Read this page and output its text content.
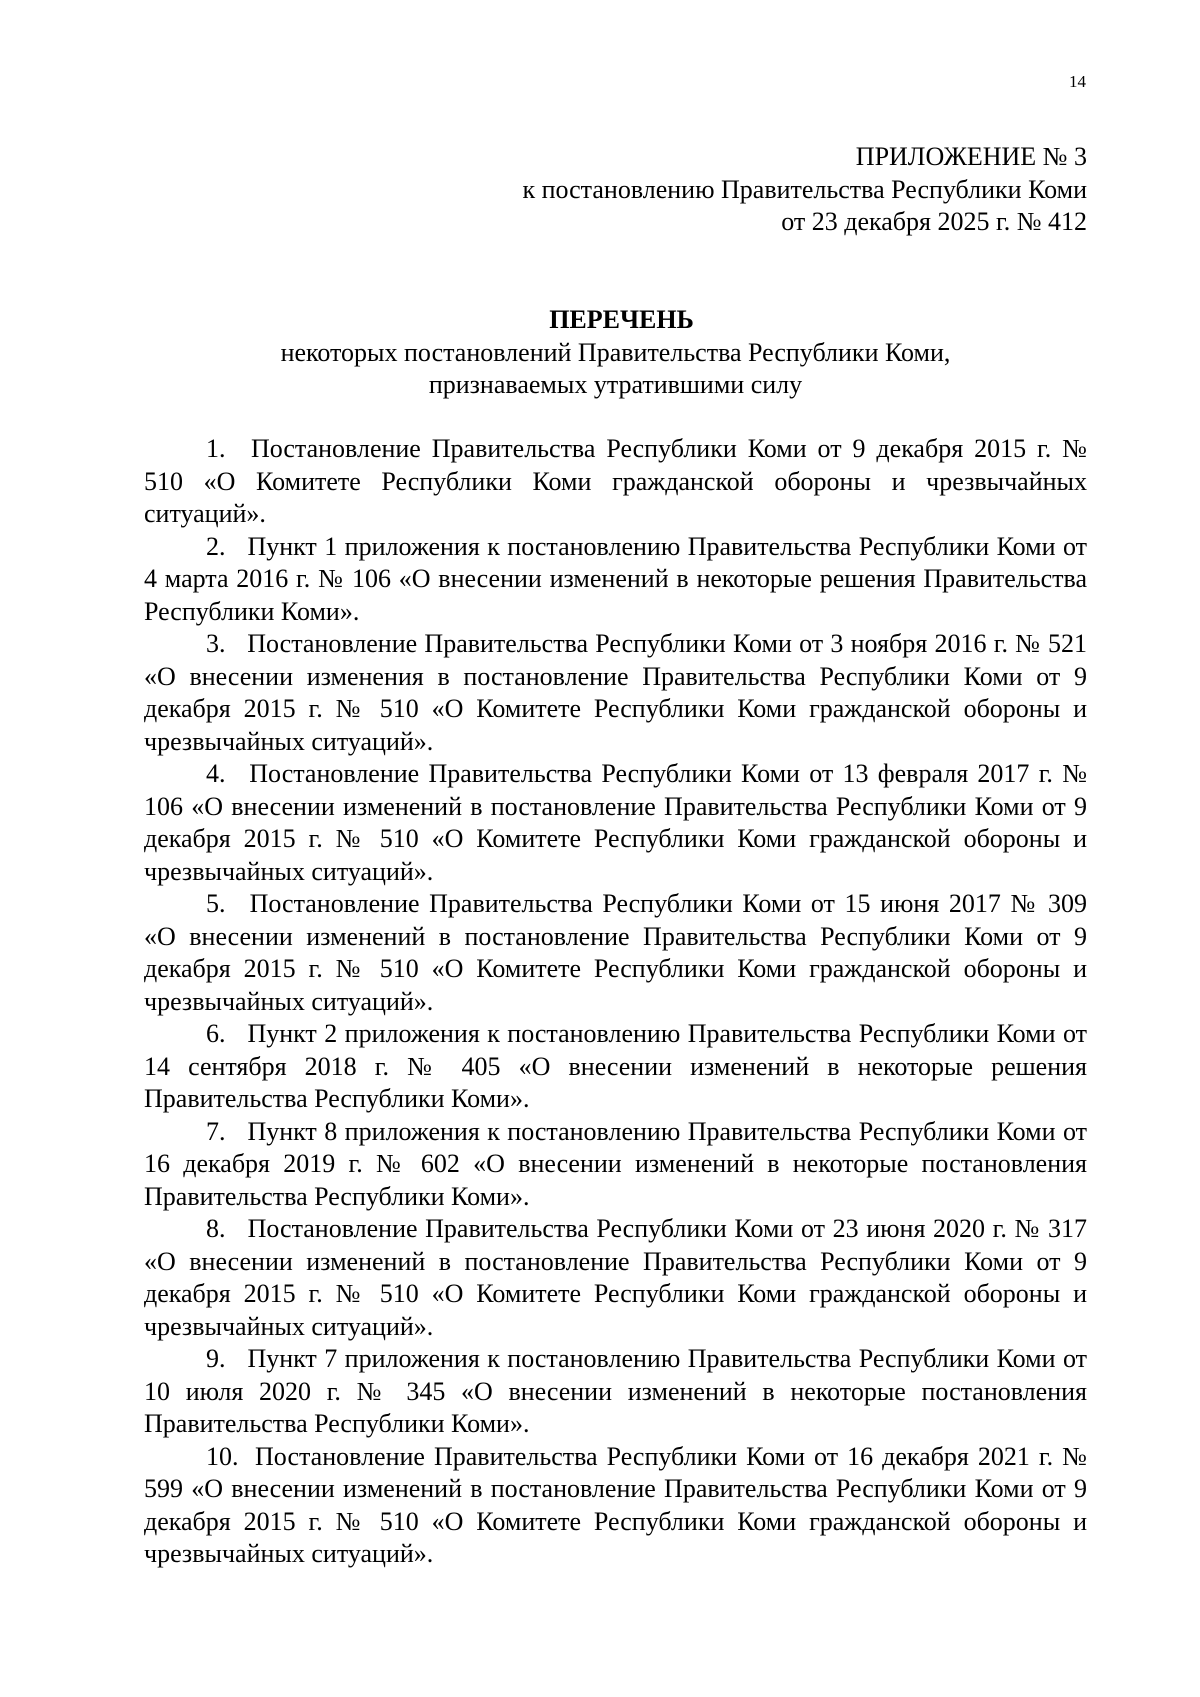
14
ПРИЛОЖЕНИЕ № 3
к постановлению Правительства Республики Коми
от 23 декабря 2025 г. № 412
ПЕРЕЧЕНЬ
некоторых постановлений Правительства Республики Коми,
признаваемых утратившими силу

1. Постановление Правительства Республики Коми от 9 декабря 2015 г. № 510 «О Комитете Республики Коми гражданской обороны и чрезвычайных ситуаций».

2. Пункт 1 приложения к постановлению Правительства Республики Коми от 4 марта 2016 г. № 106 «О внесении изменений в некоторые решения Правительства Республики Коми».

3. Постановление Правительства Республики Коми от 3 ноября 2016 г. № 521 «О внесении изменения в постановление Правительства Республики Коми от 9 декабря 2015 г. № 510 «О Комитете Республики Коми гражданской обороны и чрезвычайных ситуаций».

4. Постановление Правительства Республики Коми от 13 февраля 2017 г. № 106 «О внесении изменений в постановление Правительства Республики Коми от 9 декабря 2015 г. № 510 «О Комитете Республики Коми гражданской обороны и чрезвычайных ситуаций».

5. Постановление Правительства Республики Коми от 15 июня 2017 № 309 «О внесении изменений в постановление Правительства Республики Коми от 9 декабря 2015 г. № 510 «О Комитете Республики Коми гражданской обороны и чрезвычайных ситуаций».

6. Пункт 2 приложения к постановлению Правительства Республики Коми от 14 сентября 2018 г. № 405 «О внесении изменений в некоторые решения Правительства Республики Коми».

7. Пункт 8 приложения к постановлению Правительства Республики Коми от 16 декабря 2019 г. № 602 «О внесении изменений в некоторые постановления Правительства Республики Коми».

8. Постановление Правительства Республики Коми от 23 июня 2020 г. № 317 «О внесении изменений в постановление Правительства Республики Коми от 9 декабря 2015 г. № 510 «О Комитете Республики Коми гражданской обороны и чрезвычайных ситуаций».

9. Пункт 7 приложения к постановлению Правительства Республики Коми от 10 июля 2020 г. № 345 «О внесении изменений в некоторые постановления Правительства Республики Коми».

10. Постановление Правительства Республики Коми от 16 декабря 2021 г. № 599 «О внесении изменений в постановление Правительства Республики Коми от 9 декабря 2015 г. № 510 «О Комитете Республики Коми гражданской обороны и чрезвычайных ситуаций».
